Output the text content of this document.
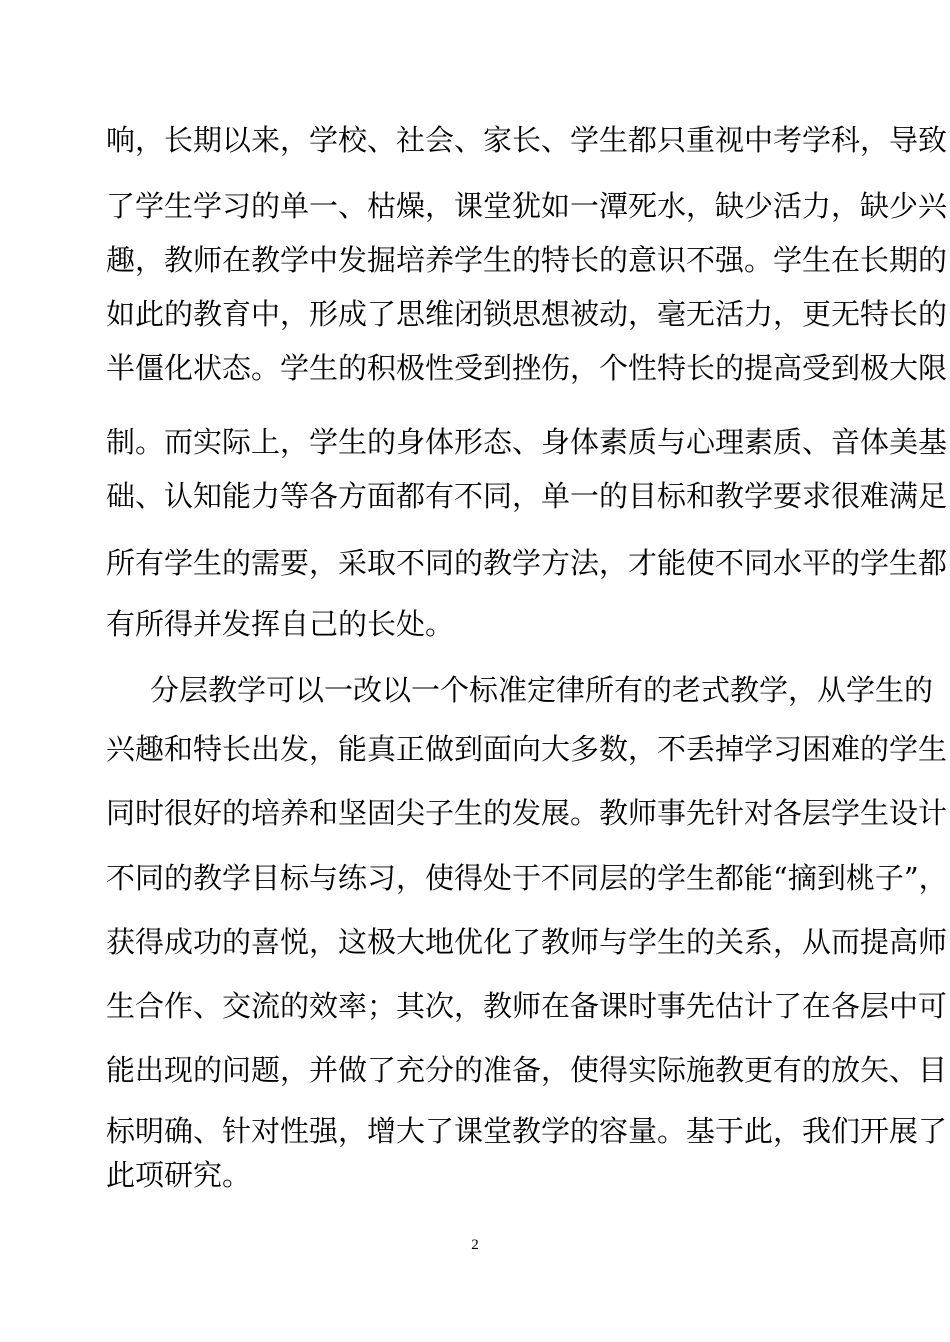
响，长期以来，学校、社会、家长、学生都只重视中考学科，导致
了学生学习的单一、枯燥，课堂犹如一潭死水，缺少活力，缺少兴
趣，教师在教学中发掘培养学生的特长的意识不强。学生在长期的
如此的教育中，形成了思维闭锁思想被动，毫无活力，更无特长的
半僵化状态。学生的积极性受到挫伤，个性特长的提高受到极大限
制。而实际上，学生的身体形态、身体素质与心理素质、音体美基
础、认知能力等各方面都有不同，单一的目标和教学要求很难满足
所有学生的需要，采取不同的教学方法，才能使不同水平的学生都
有所得并发挥自己的长处。
分层教学可以一改以一个标准定律所有的老式教学，从学生的
兴趣和特长出发，能真正做到面向大多数，不丢掉学习困难的学生
同时很好的培养和坚固尖子生的发展。教师事先针对各层学生设计
不同的教学目标与练习，使得处于不同层的学生都能“摘到桃子”，
获得成功的喜悦，这极大地优化了教师与学生的关系，从而提高师
生合作、交流的效率；其次，教师在备课时事先估计了在各层中可
能出现的问题，并做了充分的准备，使得实际施教更有的放矢、目
标明确、针对性强，增大了课堂教学的容量。基于此，我们开展了
此项研究。
2
